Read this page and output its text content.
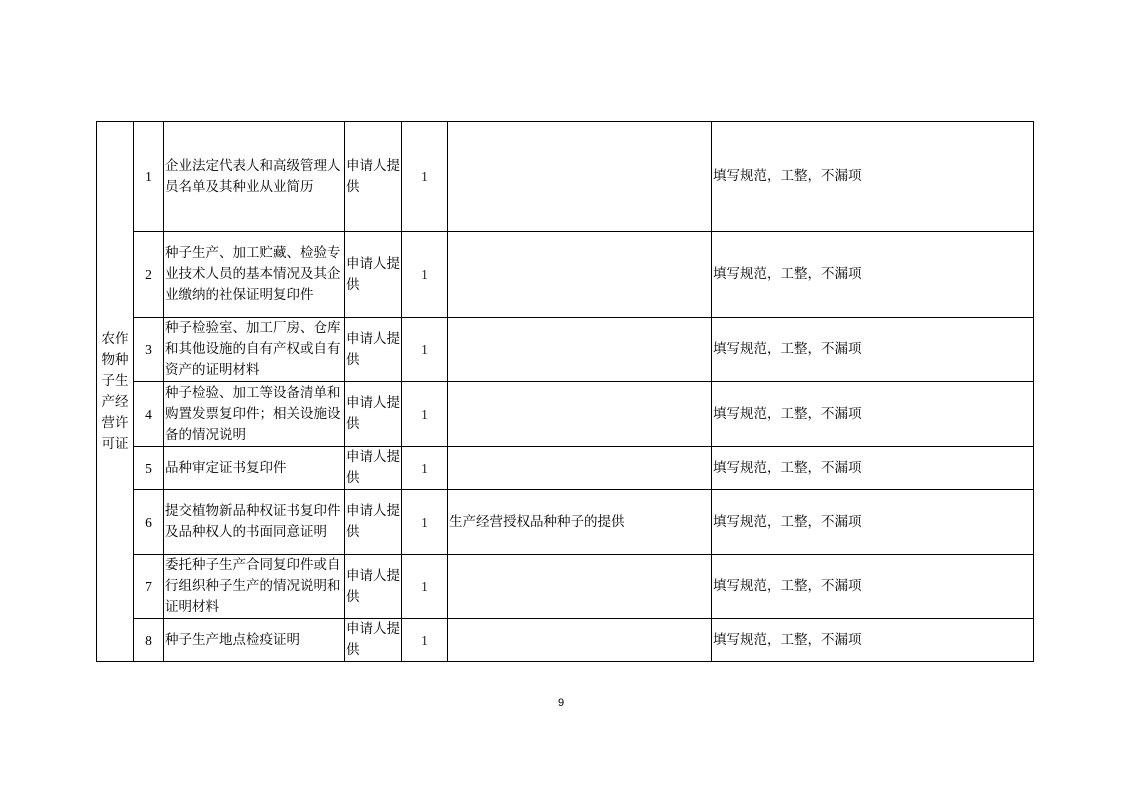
农作物种子生产经营许可证	1	企业法定代表人和高级管理人员名单及其种业从业简历	申请人提供	1		填写规范，工整，不漏项
	2	种子生产、加工贮藏、检验专业技术人员的基本情况及其企业缴纳的社保证明复印件	申请人提供	1		填写规范，工整，不漏项
	3	种子检验室、加工厂房、仓库和其他设施的自有产权或自有资产的证明材料	申请人提供	1		填写规范，工整，不漏项
	4	种子检验、加工等设备清单和购置发票复印件；相关设施设备的情况说明	申请人提供	1		填写规范，工整，不漏项
	5	品种审定证书复印件	申请人提供	1		填写规范，工整，不漏项
	6	提交植物新品种权证书复印件及品种权人的书面同意证明	申请人提供	1	生产经营授权品种种子的提供	填写规范，工整，不漏项
	7	委托种子生产合同复印件或自行组织种子生产的情况说明和证明材料	申请人提供	1		填写规范，工整，不漏项
	8	种子生产地点检疫证明	申请人提供	1		填写规范，工整，不漏项
9
